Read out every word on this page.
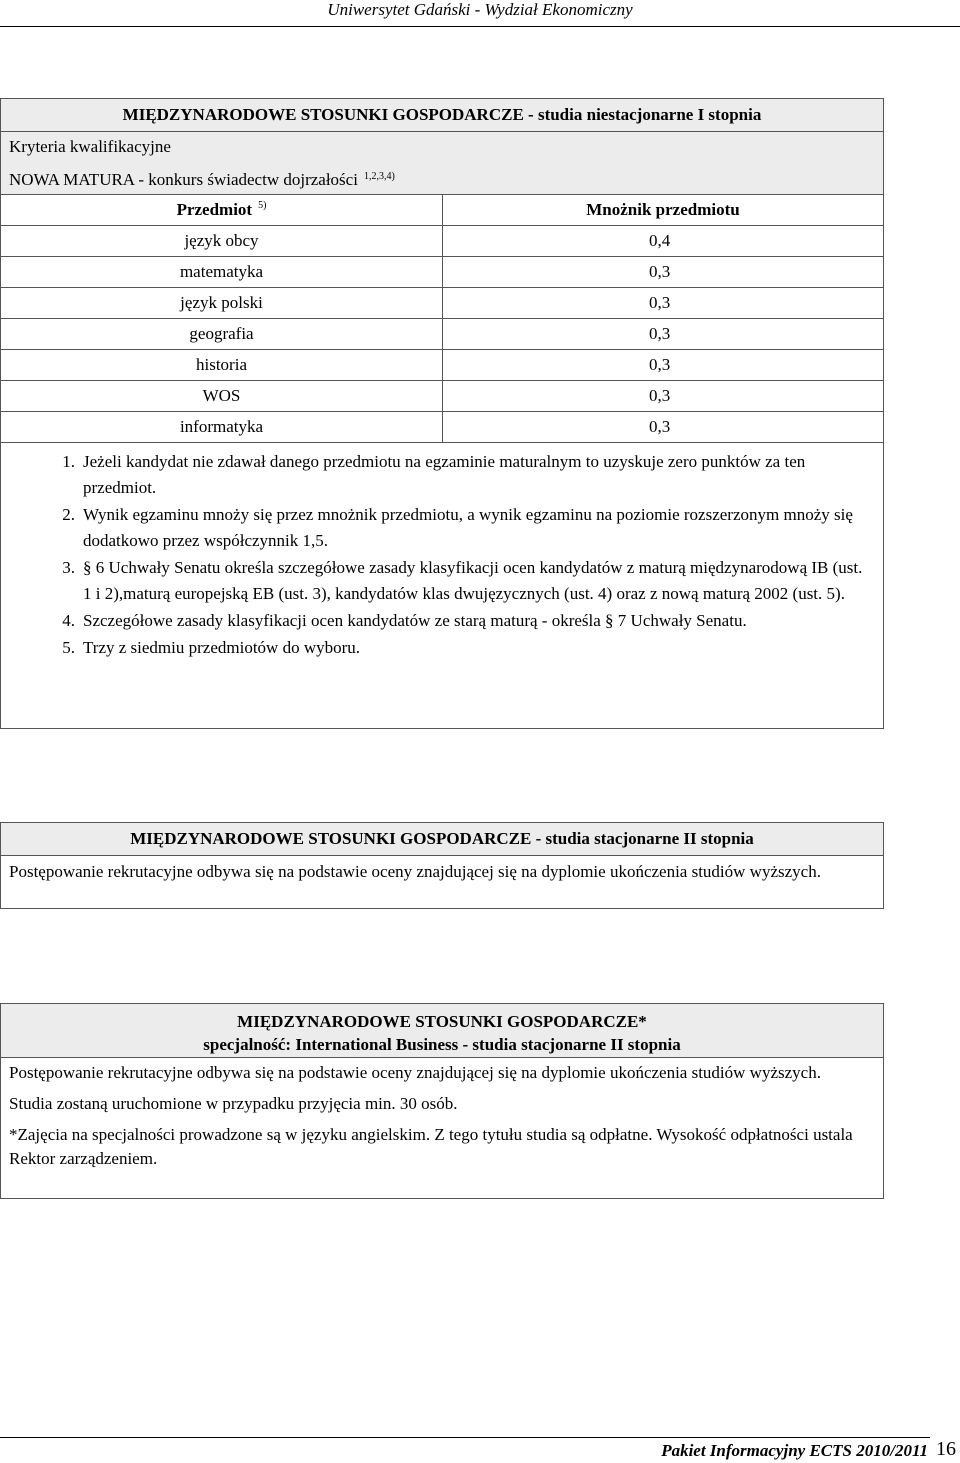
Uniwersytet Gdański - Wydział Ekonomiczny
MIĘDZYNARODOWE STOSUNKI GOSPODARCZE - studia niestacjonarne I stopnia
Kryteria kwalifikacyjne
NOWA MATURA - konkurs świadectw dojrzałości $^{1,2,3,4)}$
Przedmiot $^{5)}$	Mnożnik przedmiotu
język obcy	0,4
matematyka	0,3
język polski	0,3
geografia	0,3
historia	0,3
WOS	0,3
informatyka	0,3
1. Jeżeli kandydat nie zdawał danego przedmiotu na egzaminie maturalnym to uzyskuje zero punktów za ten przedmiot.
2. Wynik egzaminu mnoży się przez mnożnik przedmiotu, a wynik egzaminu na poziomie rozszerzonym mnoży się dodatkowo przez współczynnik 1,5.
3. § 6 Uchwały Senatu określa szczegółowe zasady klasyfikacji ocen kandydatów z maturą międzynarodową IB (ust. 1 i 2),maturą europejską EB (ust. 3), kandydatów klas dwujęzycznych (ust. 4) oraz z nową maturą 2002 (ust. 5).
4. Szczegółowe zasady klasyfikacji ocen kandydatów ze starą maturą - określa § 7 Uchwały Senatu.
5. Trzy z siedmiu przedmiotów do wyboru.
MIĘDZYNARODOWE STOSUNKI GOSPODARCZE - studia stacjonarne II stopnia
Postępowanie rekrutacyjne odbywa się na podstawie oceny znajdującej się na dyplomie ukończenia studiów wyższych.
MIĘDZYNARODOWE STOSUNKI GOSPODARCZE*
specjalność: International Business - studia stacjonarne II stopnia

Postępowanie rekrutacyjne odbywa się na podstawie oceny znajdującej się na dyplomie ukończenia studiów wyższych.

Studia zostaną uruchomione w przypadku przyjęcia min. 30 osób.

*Zajęcia na specjalności prowadzone są w języku angielskim. Z tego tytułu studia są odpłatne. Wysokość odpłatności ustala Rektor zarządzeniem.

Pakiet Informacyjny ECTS 2010/2011 16
